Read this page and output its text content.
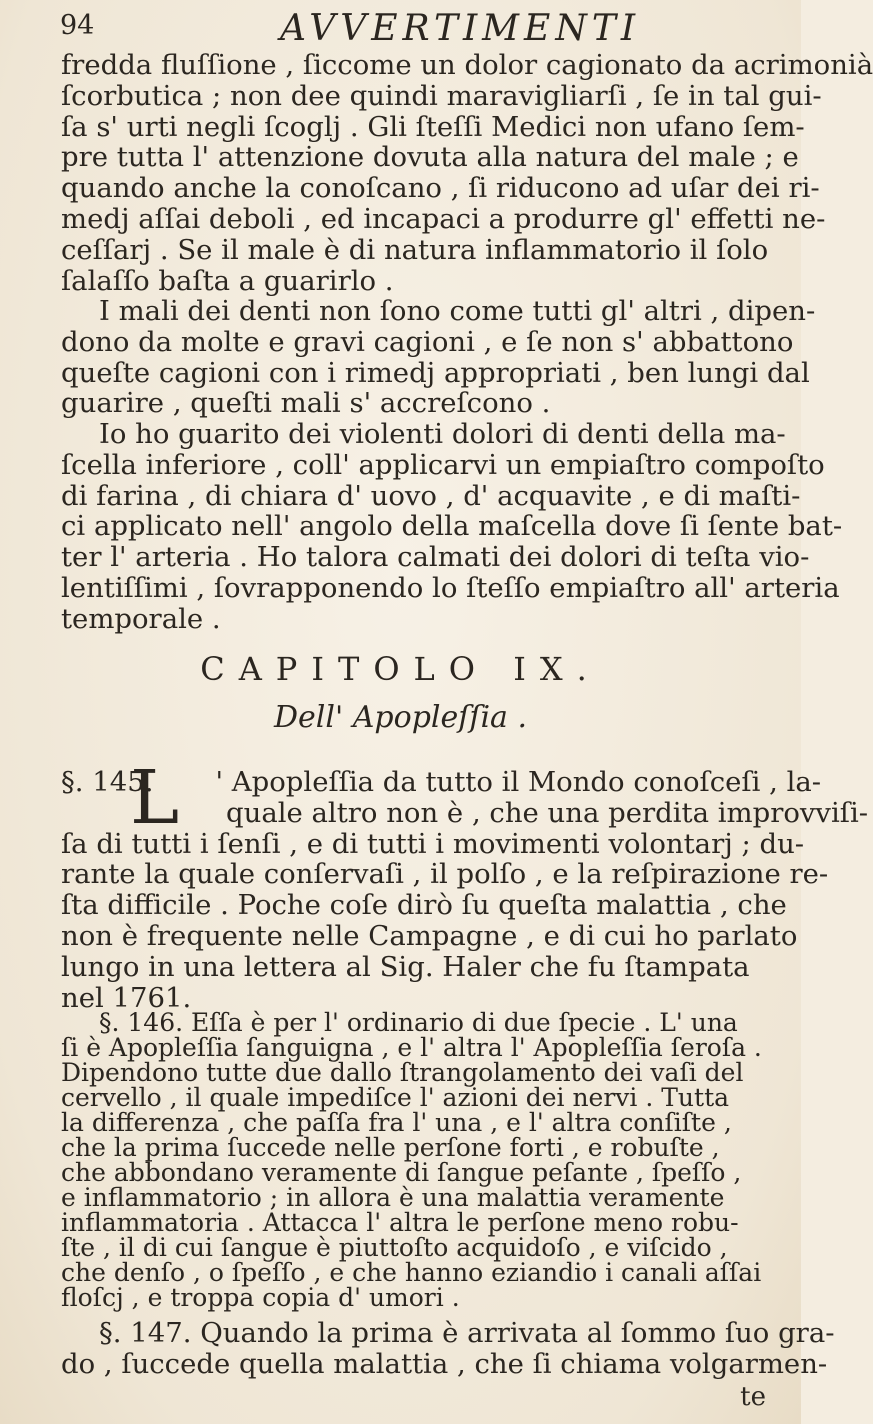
94	AVVERTIMENTI
fredda fluſſione , ſiccome un dolor cagionato da acrimonià
ſcorbutica ; non dee quindi maravigliarſi , ſe in tal gui-
ſa s' urti negli ſcoglj . Gli ſteſſi Medici non ufano ſem-
pre tutta l' attenzione dovuta alla natura del male ; e
quando anche la conoſcano , ſi riducono ad uſar dei ri-
medj aſſai deboli , ed incapaci a produrre gl' effetti ne-
ceſſarj . Se il male è di natura inflammatorio il ſolo
ſalaſſo baſta a guarirlo .
I mali dei denti non ſono come tutti gl' altri , dipen-
dono da molte e gravi cagioni , e ſe non s' abbattono
queſte cagioni con i rimedj appropriati , ben lungi dal
guarire , queſti mali s' accreſcono .
Io ho guarito dei violenti dolori di denti della ma-
ſcella inferiore , coll' applicarvi un empiaſtro compoſto
di farina , di chiara d' uovo , d' acquavite , e di maſti-
ci applicato nell' angolo della maſcella dove ſi ſente bat-
ter l' arteria . Ho talora calmati dei dolori di teſta vio-
lentiſſimi , ſovrapponendo lo ſteſſo empiaſtro all' arteria
temporale .
CAPITOLO IX.
Dell' Apopleſſia .
§. 145. ' Apopleſſia da tutto il Mondo conoſceſi , la-
quale altro non è , che una perdita improvviſi-
ſa di tutti i ſenſi , e di tutti i movimenti volontarj ; du-
rante la quale conſervaſi , il polſo , e la reſpirazione re-
ſta difficile . Poche coſe dirò ſu queſta malattia , che
non è frequente nelle Campagne , e di cui ho parlato
lungo in una lettera al Sig. Haler che fu ſtampata
nel 1761.
L
§. 146. Eſſa è per l' ordinario di due ſpecie . L' una
ſi è Apopleſſia ſanguigna , e l' altra l' Apopleſſia ſeroſa .
Dipendono tutte due dallo ſtrangolamento dei vaſi del
cervello , il quale impediſce l' azioni dei nervi . Tutta
la differenza , che paſſa fra l' una , e l' altra conſiſte ,
che la prima ſuccede nelle perſone forti , e robuſte ,
che abbondano veramente di ſangue peſante , ſpeſſo ,
e inflammatorio ; in allora è una malattia veramente
inflammatoria . Attacca l' altra le perſone meno robu-
ſte , il di cui ſangue è piuttoſto acquidoſo , e viſcido ,
che denſo , o ſpeſſo , e che hanno eziandio i canali aſſai
floſcj , e troppa copia d' umori .
§. 147. Quando la prima è arrivata al ſommo ſuo gra-
do , ſuccede quella malattia , che ſi chiama volgarmen-
te
